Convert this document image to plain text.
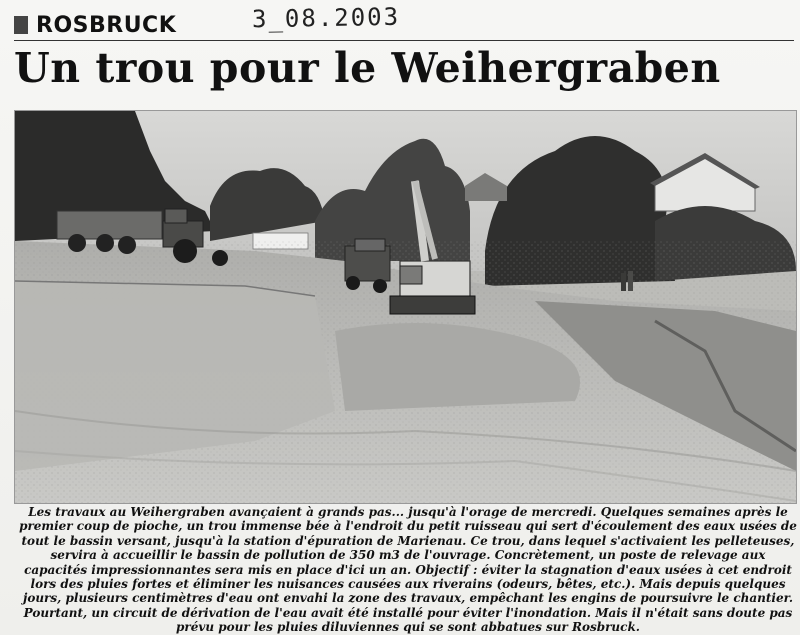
ROSBRUCK	3_08.2003
Un trou pour le Weihergraben
Les travaux au Weihergraben avançaient à grands pas... jusqu'à l'orage de mercredi. Quelques semaines après le premier coup de pioche, un trou immense bée à l'endroit du petit ruisseau qui sert d'écoulement des eaux usées de tout le bassin versant, jusqu'à la station d'épuration de Marienau. Ce trou, dans lequel s'activaient les pelleteuses, servira à accueillir le bassin de pollution de 350 m3 de l'ouvrage. Concrètement, un poste de relevage aux capacités impressionnantes sera mis en place d'ici un an. Objectif : éviter la stagnation d'eaux usées à cet endroit lors des pluies fortes et éliminer les nuisances causées aux riverains (odeurs, bêtes, etc.). Mais depuis quelques jours, plusieurs centimètres d'eau ont envahi la zone des travaux, empêchant les engins de poursuivre le chantier. Pourtant, un circuit de dérivation de l'eau avait été installé pour éviter l'inondation. Mais il n'était sans doute pas prévu pour les pluies diluviennes qui se sont abbatues sur Rosbruck.
